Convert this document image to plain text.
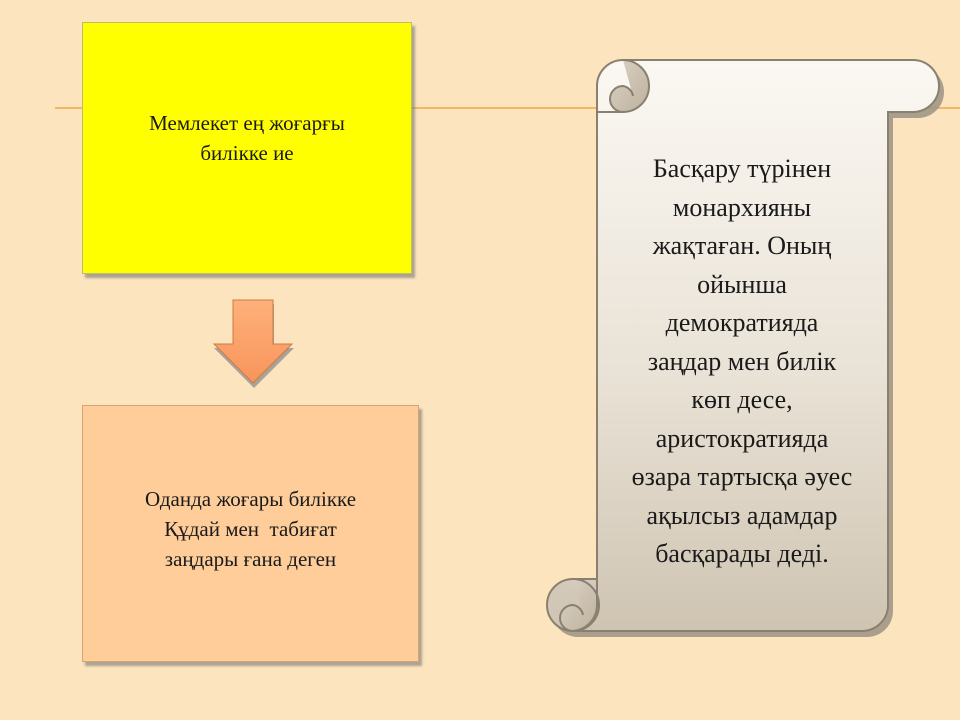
Мемлекет ең жоғарғы
билікке ие
Оданда жоғары билікке
Құдай мен  табиғат
заңдары ғана деген
Басқару түрінен
монархияны
жақтаған. Оның
ойынша
демократияда
заңдар мен билік
көп десе,
аристократияда
өзара тартысқа әуес
ақылсыз адамдар
басқарады деді.
